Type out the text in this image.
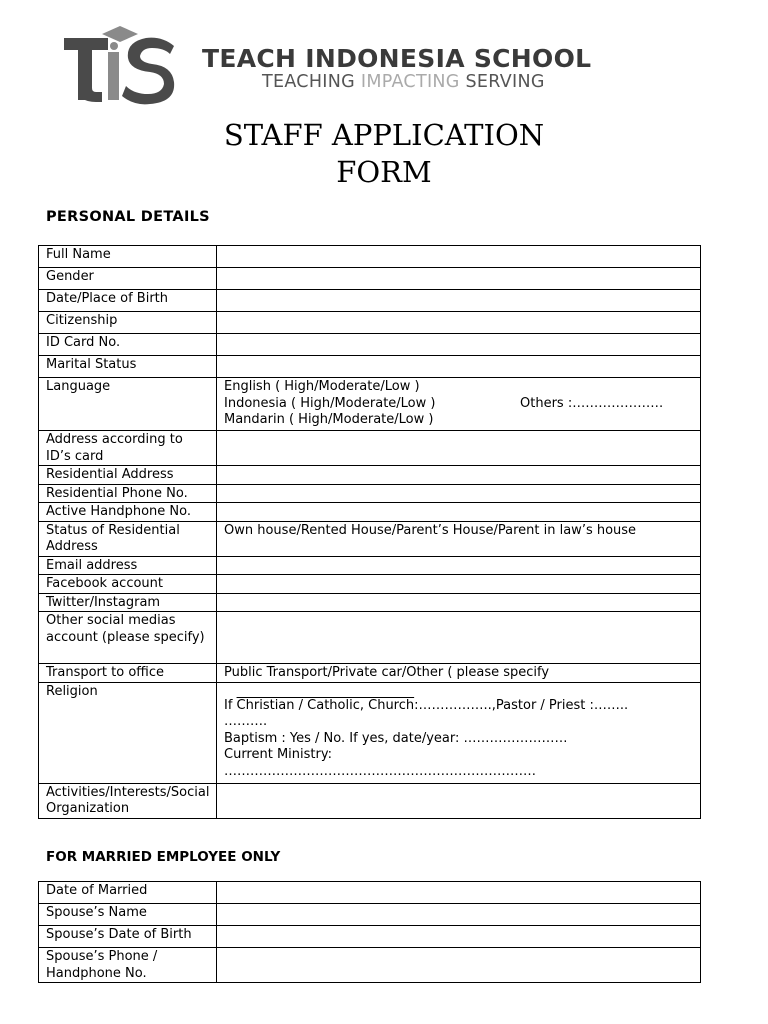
TEACH INDONESIA SCHOOL
TEACHING IMPACTING SERVING
STAFF APPLICATION
FORM
PERSONAL DETAILS
Full Name	
Gender	
Date/Place of Birth	
Citizenship	
ID Card No.	
Marital Status	
Language	English ( High/Moderate/Low )
Indonesia ( High/Moderate/Low ) Others :…………………
Mandarin ( High/Moderate/Low )

Address according to ID’s card	
Residential Address	
Residential Phone No.	
Active Handphone No.	
Status of Residential Address	Own house/Rented House/Parent’s House/Parent in law’s house
Email address	
Facebook account	
Twitter/Instagram	
Other social medias account (please specify)	
Transport to office	Public Transport/Private car/Other ( please specify
Religion	If Christian / Catholic, Church:……………..,Pastor / Priest :……..
……….
Baptism : Yes / No. If yes, date/year: ……………………
Current Ministry:
………………………………………………………………

Activities/Interests/Social Organization	
FOR MARRIED EMPLOYEE ONLY
Date of Married	
Spouse’s Name	
Spouse’s Date of Birth	
Spouse’s Phone / Handphone No.	
